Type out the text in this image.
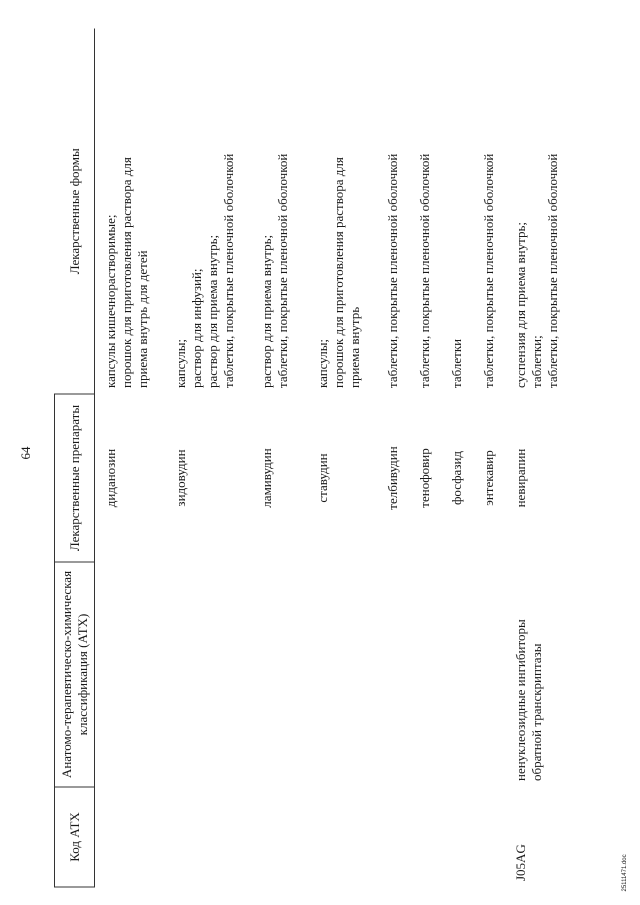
64
Код АТХ	Анатомо-терапевтическо-химическая классификация (АТХ)	Лекарственные препараты	Лекарственные формы

		диданозин	капсулы кишечнорастворимые; порошок для приготовления раствора для приема внутрь для детей

		зидовудин	капсулы; раствор для инфузий; раствор для приема внутрь; таблетки, покрытые пленочной оболочкой

		ламивудин	раствор для приема внутрь; таблетки, покрытые пленочной оболочкой

		ставудин	капсулы; порошок для приготовления раствора для приема внутрь

		телбивудин	таблетки, покрытые пленочной оболочкой

		тенофовир	таблетки, покрытые пленочной оболочкой

		фосфазид	таблетки

		энтекавир	таблетки, покрытые пленочной оболочкой

J05AG	ненуклеозидные ингибиторы обратной транскриптазы	невирапин	суспензия для приема внутрь; таблетки; таблетки, покрытые пленочной оболочкой
25111471.doc
